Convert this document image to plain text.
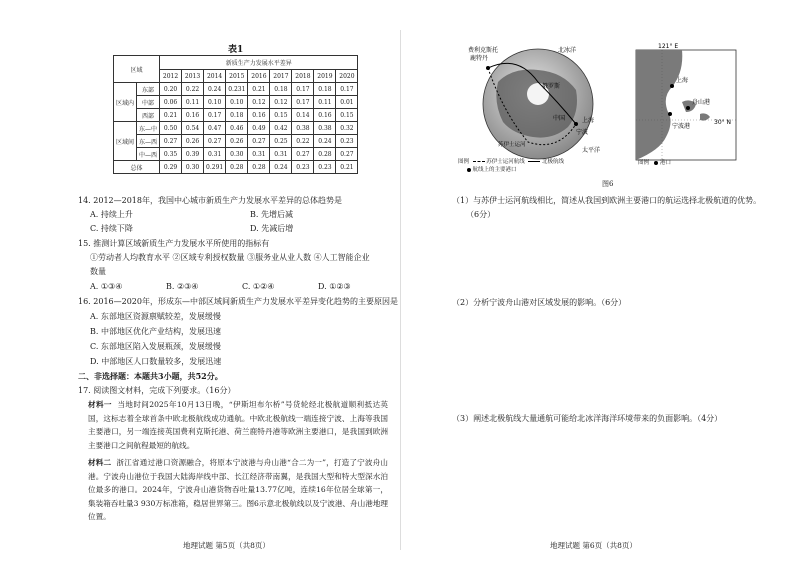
表1
区域		新质生产力发展水平差异								
		2012	2013	2014	2015	2016	2017	2018	2019	2020
区域内	东部	0.20	0.22	0.24	0.231	0.21	0.18	0.17	0.18	0.17
	中部	0.06	0.11	0.10	0.10	0.12	0.12	0.17	0.11	0.01
	西部	0.21	0.16	0.17	0.18	0.16	0.15	0.14	0.16	0.15
区域间	东—中	0.50	0.54	0.47	0.46	0.49	0.42	0.38	0.38	0.32
	东—西	0.27	0.26	0.27	0.26	0.27	0.25	0.22	0.24	0.23
	中—西	0.35	0.39	0.31	0.30	0.31	0.31	0.27	0.28	0.27
总体		0.29	0.30	0.291	0.28	0.28	0.24	0.23	0.23	0.21
14. 2012—2018年，我国中心城市新质生产力发展水平差异的总体趋势是
A. 持续上升	B. 先增后减
C. 持续下降	D. 先减后增
15. 推测计算区域新质生产力发展水平所使用的指标有
①劳动者人均教育水平 ②区域专利授权数量 ③服务业从业人数 ④人工智能企业
数量
A. ①③④	B. ②③④	C. ①②④	D. ①②③
16. 2016—2020年，形成东—中部区域间新质生产力发展水平差异变化趋势的主要原因是
A. 东部地区资源禀赋较差，发展缓慢
B. 中部地区优化产业结构，发展迅速
C. 东部地区陷入发展瓶颈，发展缓慢
D. 中部地区人口数量较多，发展迅速
二、非选择题：本题共3小题，共52分。
17. 阅读图文材料，完成下列要求。（16分）
材料一 当地时间2025年10月13日晚，“伊斯坦布尔桥”号货轮经北极航道顺利抵达英国，这标志着全球首条中欧北极航线成功通航。中欧北极航线一端连接宁波、上海等我国主要港口，另一端连接英国费利克斯托港、荷兰鹿特丹港等欧洲主要港口，是我国到欧洲主要港口之间航程最短的航线。
材料二 浙江省通过港口资源融合，将原本宁波港与舟山港“合二为一”，打造了宁波舟山港。宁波舟山港位于我国大陆海岸线中部、长江经济带南翼，是我国大型和特大型深水泊位最多的港口。2024年，宁波舟山港货物吞吐量13.77亿吨，连续16年位居全球第一，集装箱吞吐量3 930万标准箱，稳居世界第三。图6示意北极航线以及宁波港、舟山港地理位置。
地理试题 第5页（共8页）
费利克斯托
鹿特丹
北冰洋
俄罗斯
中国	上海
宁波
太平洋
苏伊士运河
图例	苏伊士运河航线	北极航线
航线上的主要港口
121° E
30° N
上海
舟山港
宁波港
图例 港口
图6
（1）与苏伊士运河航线相比，简述从我国到欧洲主要港口的航运选择北极航道的优势。
（6分）
（2）分析宁波舟山港对区域发展的影响。（6分）
（3）阐述北极航线大量通航可能给北冰洋海洋环境带来的负面影响。（4分）
地理试题 第6页（共8页）
